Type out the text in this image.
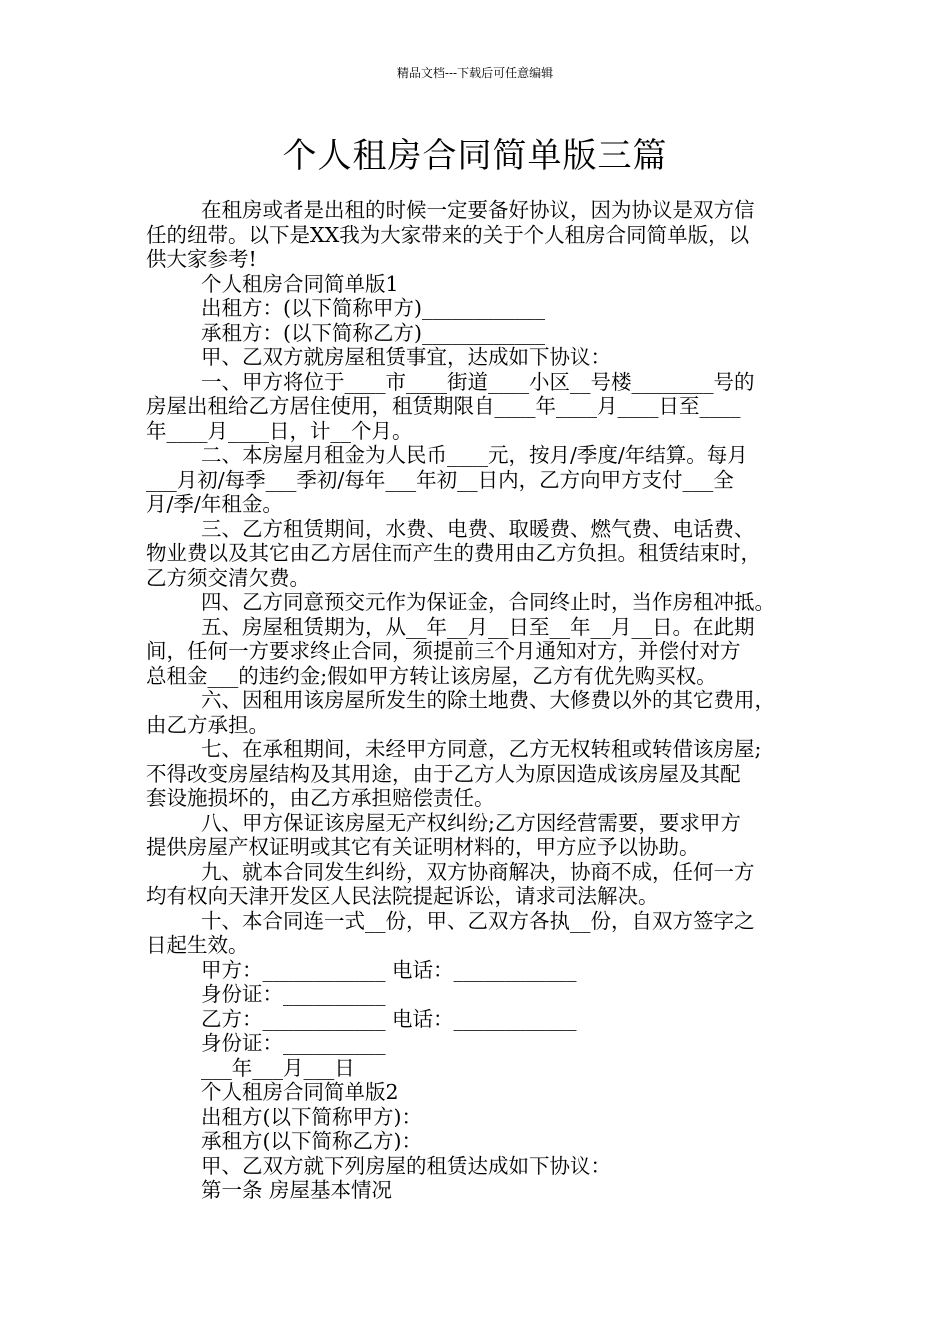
精品文档---下载后可任意编辑
个人租房合同简单版三篇
在租房或者是出租的时候一定要备好协议，因为协议是双方信
任的纽带。以下是XX我为大家带来的关于个人租房合同简单版，以
供大家参考!
个人租房合同简单版1
出租方：(以下简称甲方)____________
承租方：(以下简称乙方)____________
甲、乙双方就房屋租赁事宜，达成如下协议：
一、甲方将位于____市____街道____小区__号楼________号的
房屋出租给乙方居住使用，租赁期限自____年____月____日至____
年____月____日，计__个月。
二、本房屋月租金为人民币____元，按月/季度/年结算。每月
___月初/每季___季初/每年___年初__日内，乙方向甲方支付___全
月/季/年租金。
三、乙方租赁期间，水费、电费、取暖费、燃气费、电话费、
物业费以及其它由乙方居住而产生的费用由乙方负担。租赁结束时，
乙方须交清欠费。
四、乙方同意预交元作为保证金，合同终止时，当作房租冲抵。
五、房屋租赁期为，从__年__月__日至__年__月__日。在此期
间，任何一方要求终止合同，须提前三个月通知对方，并偿付对方
总租金___的违约金;假如甲方转让该房屋，乙方有优先购买权。
六、因租用该房屋所发生的除土地费、大修费以外的其它费用，
由乙方承担。
七、在承租期间，未经甲方同意，乙方无权转租或转借该房屋;
不得改变房屋结构及其用途，由于乙方人为原因造成该房屋及其配
套设施损坏的，由乙方承担赔偿责任。
八、甲方保证该房屋无产权纠纷;乙方因经营需要，要求甲方
提供房屋产权证明或其它有关证明材料的，甲方应予以协助。
九、就本合同发生纠纷，双方协商解决，协商不成，任何一方
均有权向天津开发区人民法院提起诉讼，请求司法解决。
十、本合同连一式__份，甲、乙双方各执__份，自双方签字之
日起生效。
甲方：____________ 电话：____________
身份证：__________
乙方：____________ 电话：____________
身份证：__________
___年___月___日
个人租房合同简单版2
出租方(以下简称甲方)：
承租方(以下简称乙方)：
甲、乙双方就下列房屋的租赁达成如下协议：
第一条 房屋基本情况
